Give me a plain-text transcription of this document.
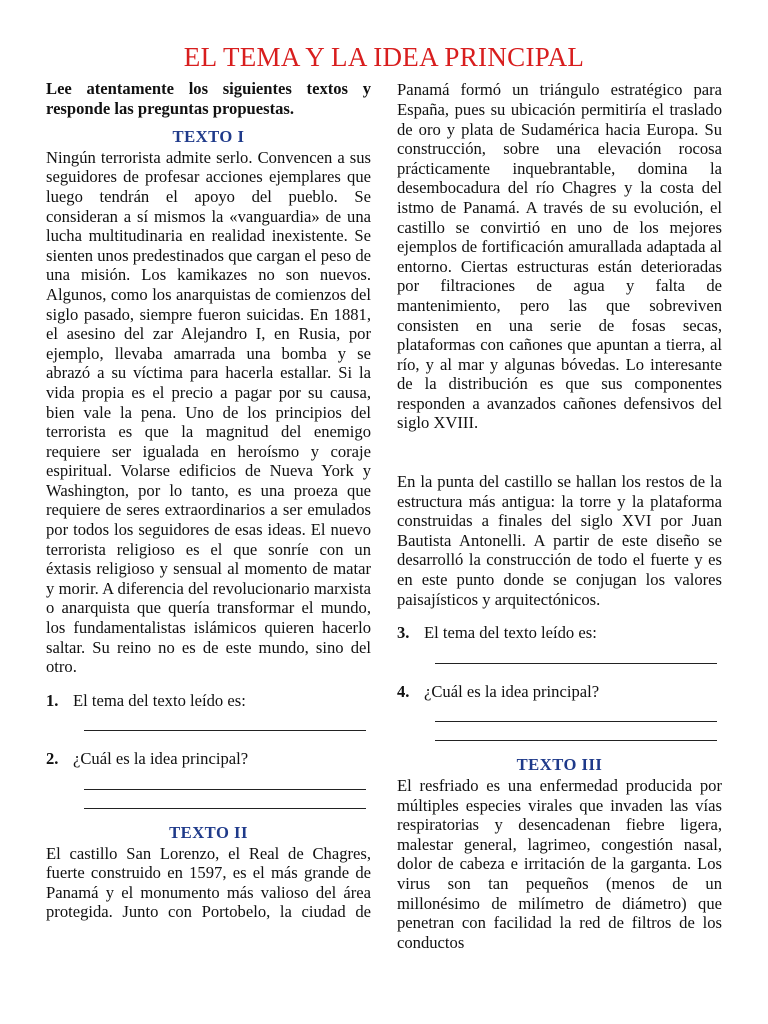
EL TEMA Y LA IDEA PRINCIPAL

Lee atentamente los siguientes textos y responde las preguntas propuestas.

TEXTO I

Ningún terrorista admite serlo. Convencen a sus seguidores de profesar acciones ejemplares que luego tendrán el apoyo del pueblo. Se consideran a sí mismos la «vanguardia» de una lucha multitudinaria en realidad inexistente. Se sienten unos predestinados que cargan el peso de una misión. Los kamikazes no son nuevos. Algunos, como los anarquistas de comienzos del siglo pasado, siempre fueron suicidas. En 1881, el asesino del zar Alejandro I, en Rusia, por ejemplo, llevaba amarrada una bomba y se abrazó a su víctima para hacerla estallar. Si la vida propia es el precio a pagar por su causa, bien vale la pena. Uno de los principios del terrorista es que la magnitud del enemigo requiere ser igualada en heroísmo y coraje espiritual. Volarse edificios de Nueva York y Washington, por lo tanto, es una proeza que requiere de seres extraordinarios a ser emulados por todos los seguidores de esas ideas. El nuevo terrorista religioso es el que sonríe con un éxtasis religioso y sensual al momento de matar y morir. A diferencia del revolucionario marxista o anarquista que quería transformar el mundo, los fundamentalistas islámicos quieren hacerlo saltar. Su reino no es de este mundo, sino del otro.

1. El tema del texto leído es:
2. ¿Cuál es la idea principal?
TEXTO II

El castillo San Lorenzo, el Real de Chagres, fuerte construido en 1597, es el más grande de Panamá y el monumento más valioso del área protegida. Junto con Portobelo, la ciudad de

Panamá formó un triángulo estratégico para España, pues su ubicación permitiría el traslado de oro y plata de Sudamérica hacia Europa. Su construcción, sobre una elevación rocosa prácticamente inquebrantable, domina la desembocadura del río Chagres y la costa del istmo de Panamá. A través de su evolución, el castillo se convirtió en uno de los mejores ejemplos de fortificación amurallada adaptada al entorno. Ciertas estructuras están deterioradas por filtraciones de agua y falta de mantenimiento, pero las que sobreviven consisten en una serie de fosas secas, plataformas con cañones que apuntan a tierra, al río, y al mar y algunas bóvedas. Lo interesante de la distribución es que sus componentes responden a avanzados cañones defensivos del siglo XVIII.

En la punta del castillo se hallan los restos de la estructura más antigua: la torre y la plataforma construidas a finales del siglo XVI por Juan Bautista Antonelli. A partir de este diseño se desarrolló la construcción de todo el fuerte y es en este punto donde se conjugan los valores paisajísticos y arquitectónicos.

3. El tema del texto leído es:
4. ¿Cuál es la idea principal?
TEXTO III

El resfriado es una enfermedad producida por múltiples especies virales que invaden las vías respiratorias y desencadenan fiebre ligera, malestar general, lagrimeo, congestión nasal, dolor de cabeza e irritación de la garganta. Los virus son tan pequeños (menos de un millonésimo de milímetro de diámetro) que penetran con facilidad la red de filtros de los conductos
